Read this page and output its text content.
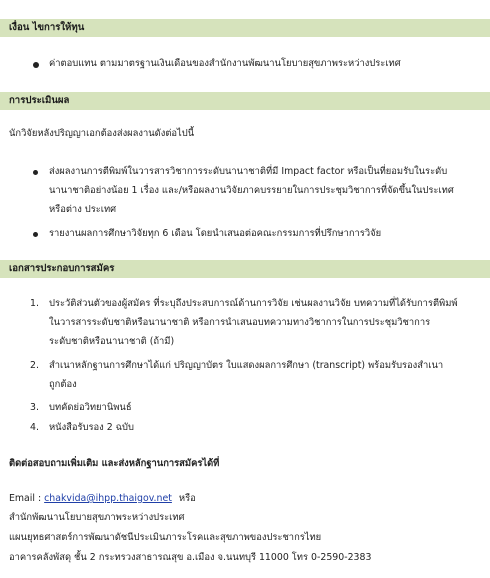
เงื่อน ไขการให้ทุน
ค่าตอบแทน ตามมาตรฐานเงินเดือนของสำนักงานพัฒนานโยบายสุขภาพระหว่างประเทศ
การประเมินผล
นักวิจัยหลังปริญญาเอกต้องส่งผลงานดังต่อไปนี้
ส่งผลงานการตีพิมพ์ในวารสารวิชาการระดับนานาชาติที่มี Impact factor หรือเป็นที่ยอมรับในระดับ
นานาชาติอย่างน้อย 1 เรื่อง และ/หรือผลงานวิจัยภาคบรรยายในการประชุมวิชาการที่จัดขึ้นในประเทศ
หรือต่าง ประเทศ
รายงานผลการศึกษาวิจัยทุก 6 เดือน โดยนำเสนอต่อคณะกรรมการที่ปรึกษาการวิจัย
เอกสารประกอบการสมัคร
1. ประวัติส่วนตัวของผู้สมัคร ที่ระบุถึงประสบการณ์ด้านการวิจัย เช่นผลงานวิจัย บทความที่ได้รับการตีพิมพ์
ในวารสารระดับชาติหรือนานาชาติ หรือการนำเสนอบทความทางวิชาการในการประชุมวิชาการ
ระดับชาติหรือนานาชาติ (ถ้ามี)
2. สำเนาหลักฐานการศึกษาได้แก่ ปริญญาบัตร ใบแสดงผลการศึกษา (transcript) พร้อมรับรองสำเนา
ถูกต้อง
3. บทคัดย่อวิทยานิพนธ์
4. หนังสือรับรอง 2 ฉบับ
ติดต่อสอบถามเพิ่มเติม และส่งหลักฐานการสมัครได้ที่
Email : chakvida@ihpp.thaigov.net หรือ
สำนักพัฒนานโยบายสุขภาพระหว่างประเทศ
แผนยุทธศาสตร์การพัฒนาดัชนีประเมินภาระโรคและสุขภาพของประชากรไทย
อาคารคลังพัสดุ ชั้น 2 กระทรวงสาธารณสุข อ.เมือง จ.นนทบุรี 11000 โทร 0-2590-2383
